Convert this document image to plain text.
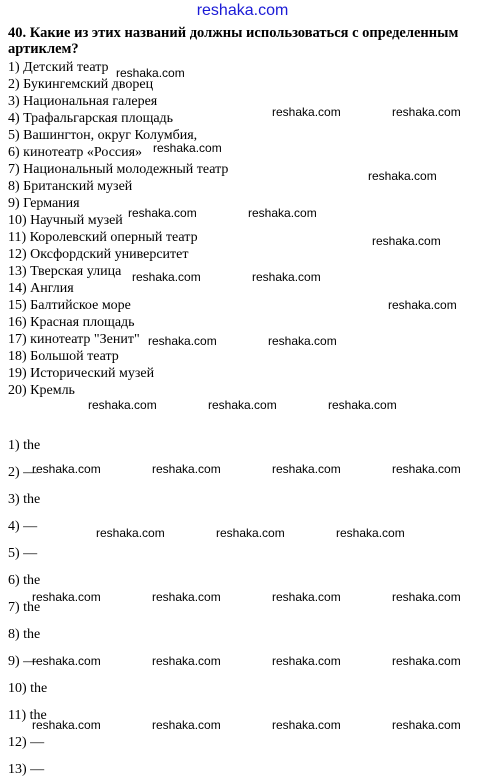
reshaka.com
40. Какие из этих названий должны использоваться с определенным артиклем?
1) Детский театр
2) Букингемский дворец
3) Национальная галерея
4) Трафальгарская площадь
5) Вашингтон, округ Колумбия,
6) кинотеатр «Россия»
7) Национальный молодежный театр
8) Британский музей
9) Германия
10) Научный музей
11) Королевский оперный театр
12) Оксфордский университет
13) Тверская улица
14) Англия
15) Балтийское море
16) Красная площадь
17) кинотеатр "Зенит"
18) Большой театр
19) Исторический музей
20) Кремль
1) the
2) —
3) the
4) —
5) —
6) the
7) the
8) the
9) —
10) the
11) the
12) —
13) —
reshaka.com
reshaka.com	reshaka.com
reshaka.com
reshaka.com
reshaka.com	reshaka.com
reshaka.com
reshaka.com	reshaka.com
reshaka.com
reshaka.com	reshaka.com
reshaka.com	reshaka.com	reshaka.com
reshaka.com	reshaka.com	reshaka.com	reshaka.com
reshaka.com	reshaka.com	reshaka.com
reshaka.com	reshaka.com	reshaka.com	reshaka.com
reshaka.com	reshaka.com	reshaka.com	reshaka.com
reshaka.com	reshaka.com	reshaka.com	reshaka.com
